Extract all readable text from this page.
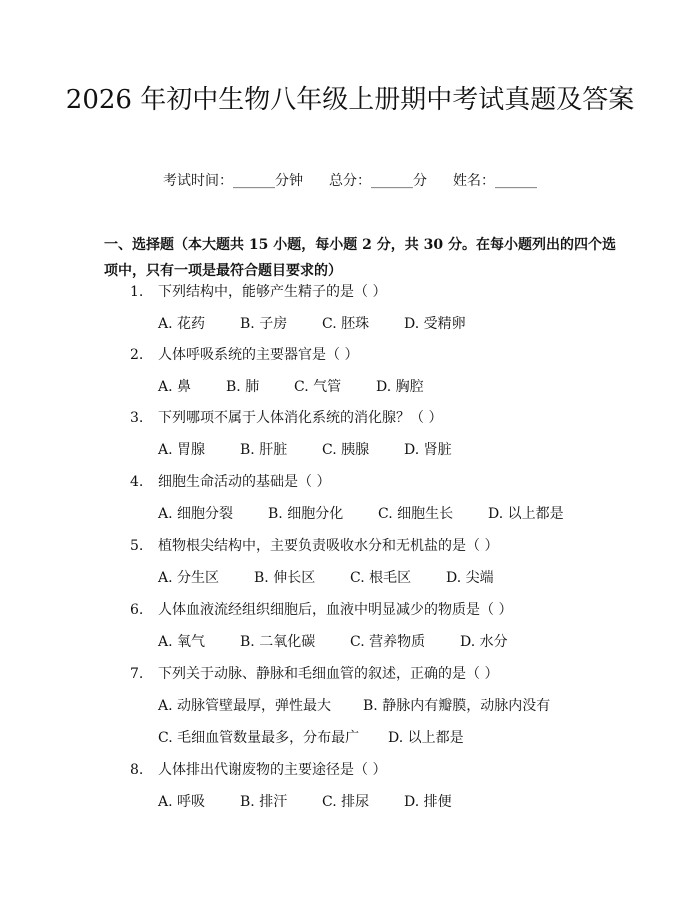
2026 年初中生物八年级上册期中考试真题及答案
考试时间：______分钟 总分：______分 姓名：______
一、选择题（本大题共 15 小题，每小题 2 分，共 30 分。在每小题列出的四个选项中，只有一项是最符合题目要求的）
1. 下列结构中，能够产生精子的是（ ）
A. 花药 B. 子房 C. 胚珠 D. 受精卵
2. 人体呼吸系统的主要器官是（ ）
A. 鼻 B. 肺 C. 气管 D. 胸腔
3. 下列哪项不属于人体消化系统的消化腺？（ ）
A. 胃腺 B. 肝脏 C. 胰腺 D. 肾脏
4. 细胞生命活动的基础是（ ）
A. 细胞分裂 B. 细胞分化 C. 细胞生长 D. 以上都是
5. 植物根尖结构中，主要负责吸收水分和无机盐的是（ ）
A. 分生区 B. 伸长区 C. 根毛区 D. 尖端
6. 人体血液流经组织细胞后，血液中明显减少的物质是（ ）
A. 氧气 B. 二氧化碳 C. 营养物质 D. 水分
7. 下列关于动脉、静脉和毛细血管的叙述，正确的是（ ）
A. 动脉管壁最厚，弹性最大 B. 静脉内有瓣膜，动脉内没有
C. 毛细血管数量最多，分布最广 D. 以上都是
8. 人体排出代谢废物的主要途径是（ ）
A. 呼吸 B. 排汗 C. 排尿 D. 排便
